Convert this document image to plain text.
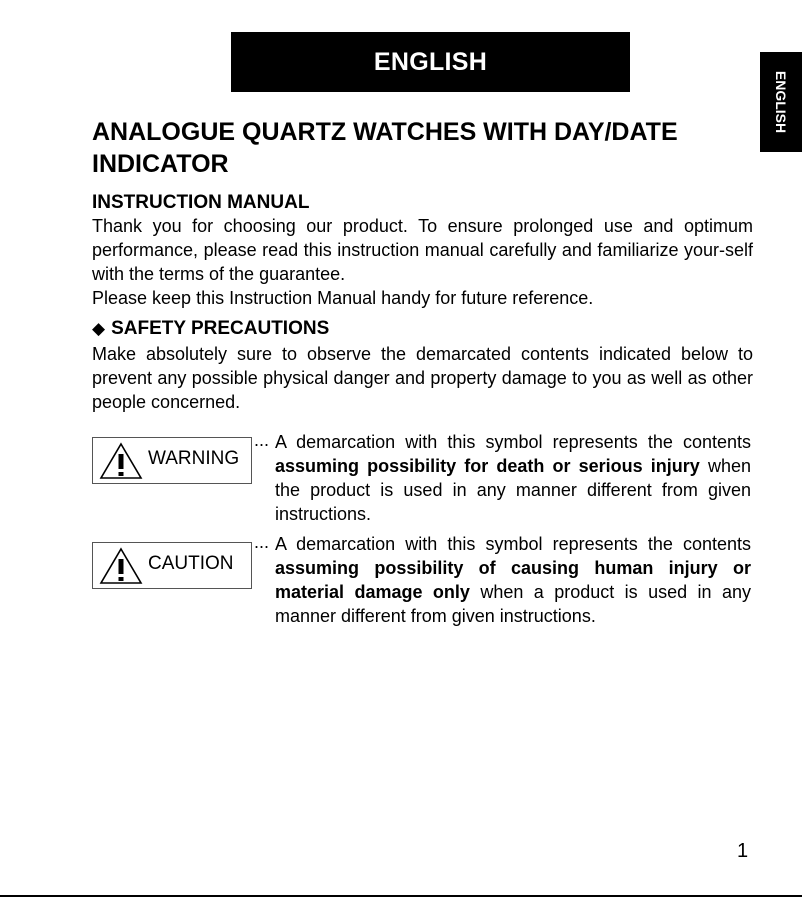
ENGLISH
ENGLISH
ANALOGUE QUARTZ WATCHES WITH DAY/DATE INDICATOR
INSTRUCTION MANUAL

Thank you for choosing our product. To ensure prolonged use and optimum performance, please read this instruction manual carefully and familiarize your-self with the terms of the guarantee.

Please keep this Instruction Manual handy for future reference.

◆ SAFETY PRECAUTIONS

Make absolutely sure to observe the demarcated contents indicated below to prevent any possible physical danger and property damage to you as well as other people concerned.

WARNING
... A demarcation with this symbol represents the contents assuming possibility for death or serious injury when the product is used in any manner different from given instructions.

CAUTION
... A demarcation with this symbol represents the contents assuming possibility of causing human injury or material damage only when a product is used in any manner different from given instructions.

1
